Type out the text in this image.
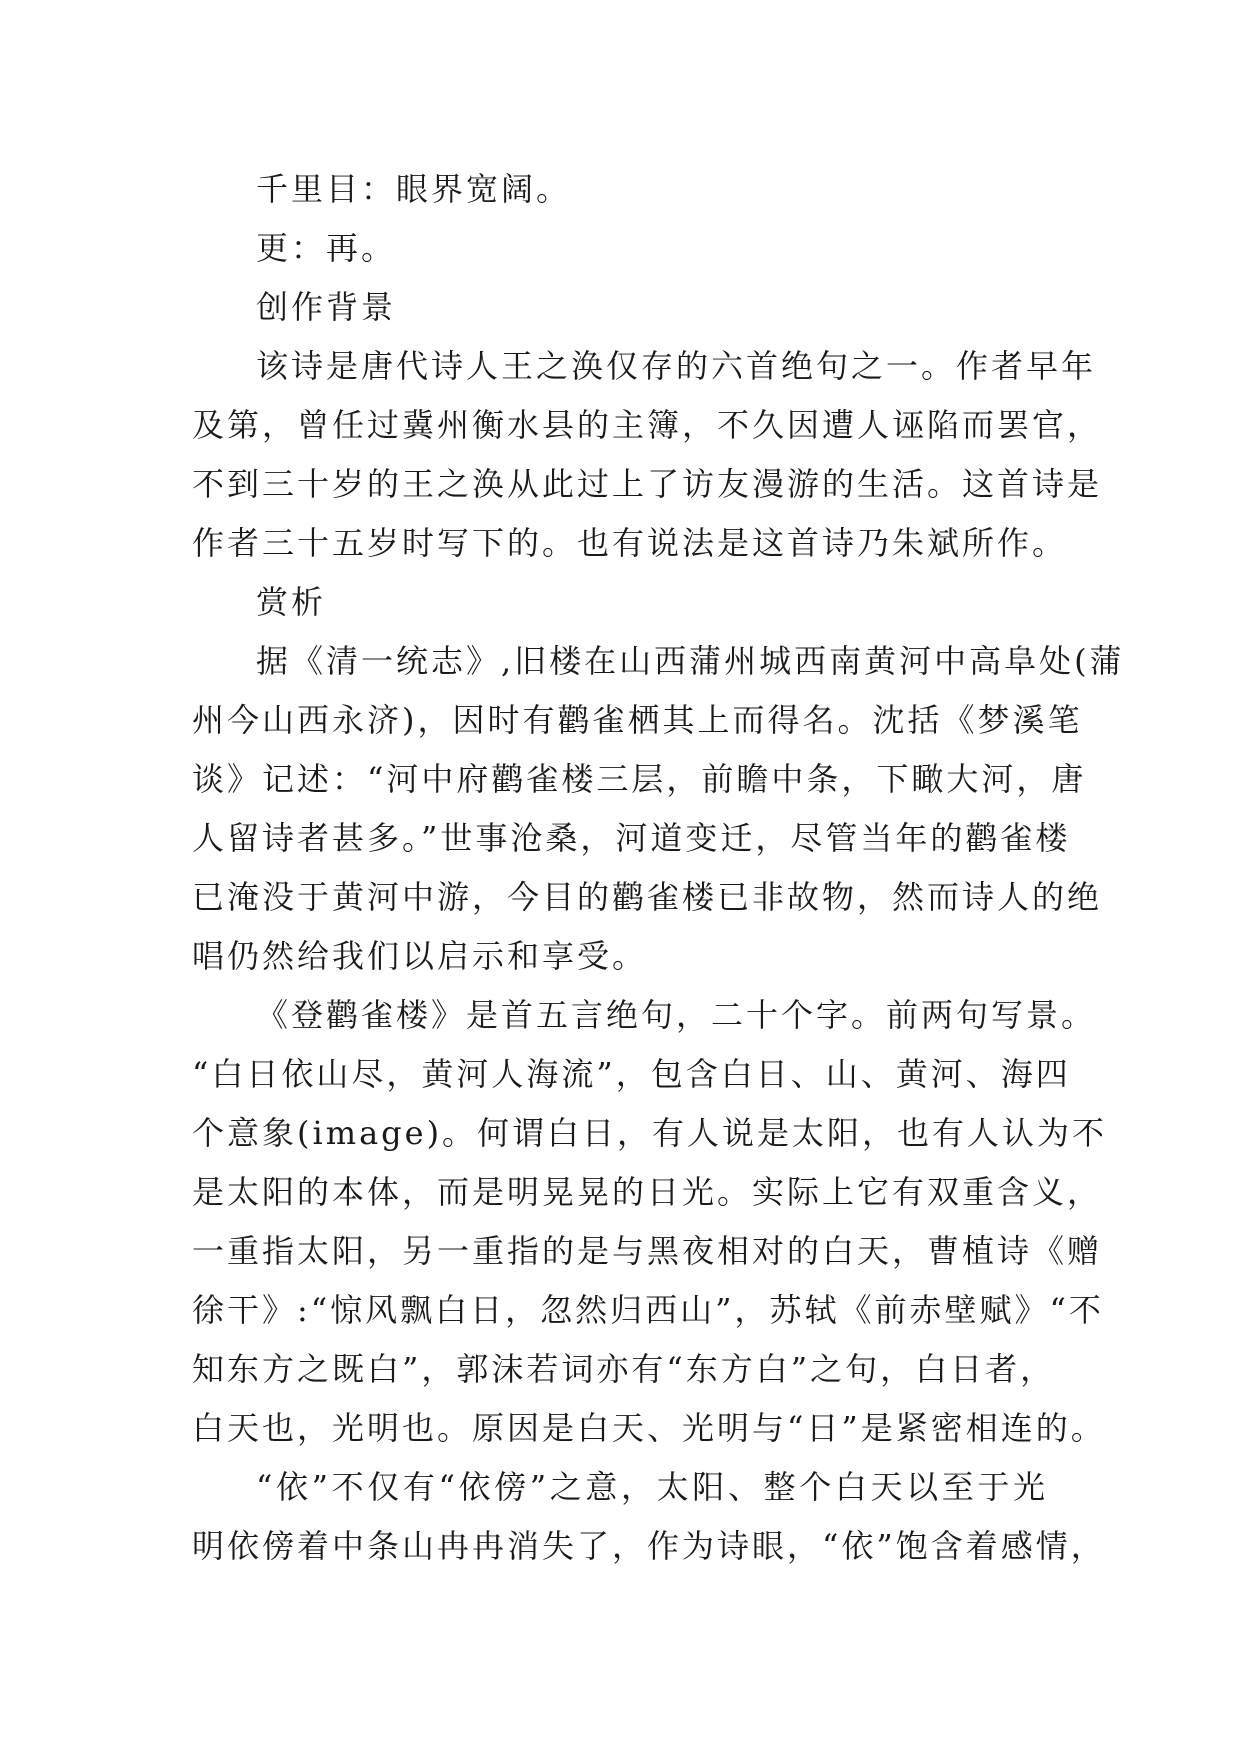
千里目：眼界宽阔。
更：再。
创作背景
该诗是唐代诗人王之涣仅存的六首绝句之一。作者早年
及第，曾任过冀州衡水县的主簿，不久因遭人诬陷而罢官，
不到三十岁的王之涣从此过上了访友漫游的生活。这首诗是
作者三十五岁时写下的。也有说法是这首诗乃朱斌所作。
赏析
据《清一统志》,旧楼在山西蒲州城西南黄河中高阜处(蒲
州今山西永济)，因时有鹳雀栖其上而得名。沈括《梦溪笔
谈》记述：“河中府鹳雀楼三层，前瞻中条，下瞰大河，唐
人留诗者甚多。”世事沧桑，河道变迁，尽管当年的鹳雀楼
已淹没于黄河中游，今目的鹳雀楼已非故物，然而诗人的绝
唱仍然给我们以启示和享受。
《登鹳雀楼》是首五言绝句，二十个字。前两句写景。
“白日依山尽，黄河人海流”，包含白日、山、黄河、海四
个意象(image)。何谓白日，有人说是太阳，也有人认为不
是太阳的本体，而是明晃晃的日光。实际上它有双重含义，
一重指太阳，另一重指的是与黑夜相对的白天，曹植诗《赠
徐干》:“惊风飘白日，忽然归西山”，苏轼《前赤壁赋》“不
知东方之既白”，郭沫若词亦有“东方白”之句，白日者，
白天也，光明也。原因是白天、光明与“日”是紧密相连的。
“依”不仅有“依傍”之意，太阳、整个白天以至于光
明依傍着中条山冉冉消失了，作为诗眼，“依”饱含着感情，
